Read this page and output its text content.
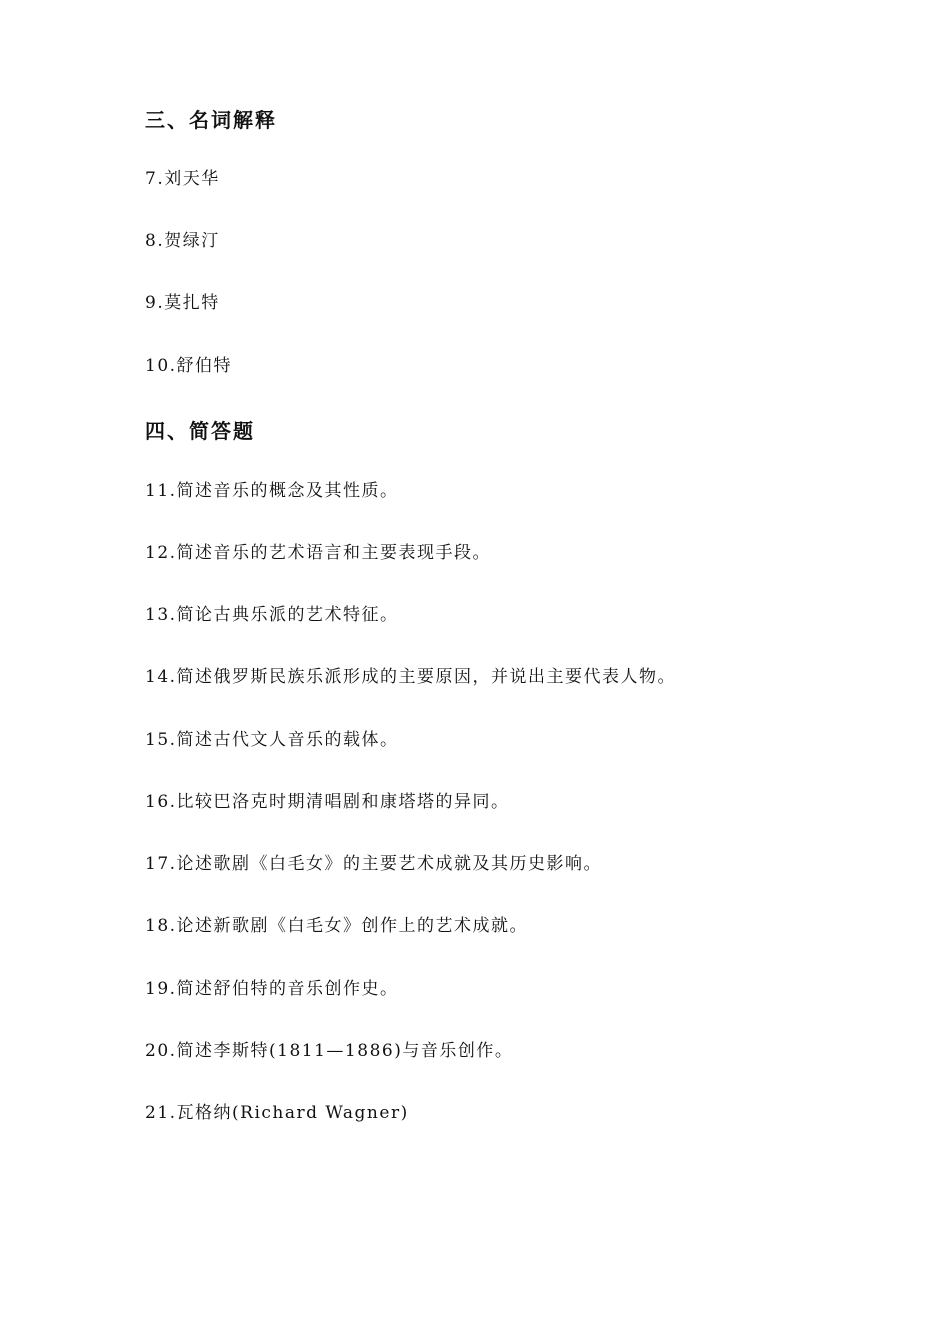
三、名词解释
7.刘天华
8.贺绿汀
9.莫扎特
10.舒伯特
四、简答题
11.简述音乐的概念及其性质。
12.简述音乐的艺术语言和主要表现手段。
13.简论古典乐派的艺术特征。
14.简述俄罗斯民族乐派形成的主要原因，并说出主要代表人物。
15.简述古代文人音乐的载体。
16.比较巴洛克时期清唱剧和康塔塔的异同。
17.论述歌剧《白毛女》的主要艺术成就及其历史影响。
18.论述新歌剧《白毛女》创作上的艺术成就。
19.简述舒伯特的音乐创作史。
20.简述李斯特(1811—1886)与音乐创作。
21.瓦格纳(Richard Wagner)
